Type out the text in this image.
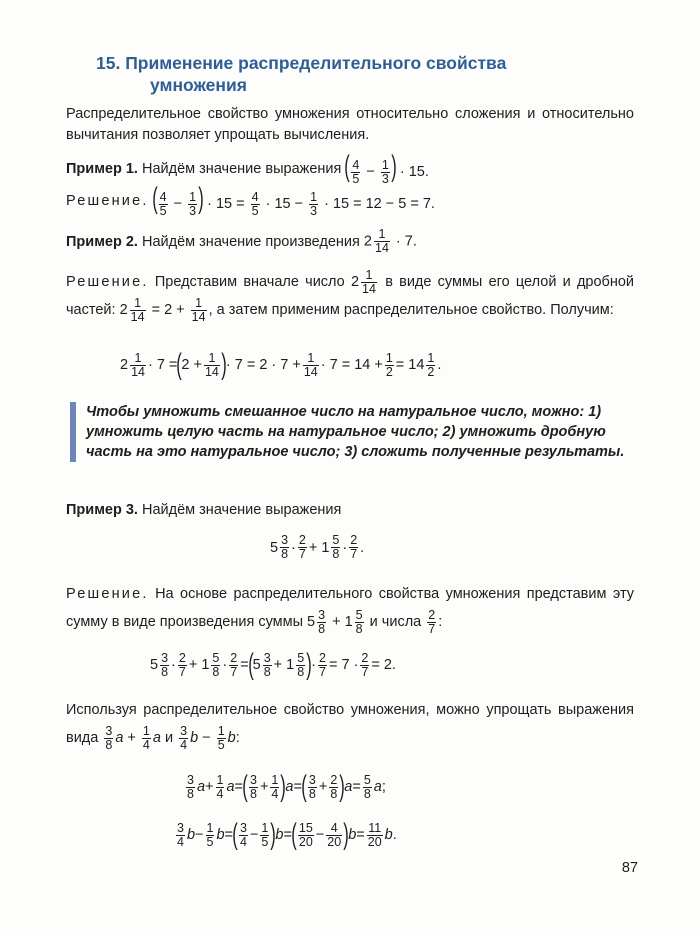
15. Применение распределительного свойства
умножения
Распределительное свойство умножения относительно сложения и относительно вычитания позволяет упрощать вычисления.
Пример 1.
Найдём значение выражения
( $\frac{4}{5} - \frac{1}{3}$ ) · 15.
Решение.
( $\frac{4}{5} - \frac{1}{3}$ ) · $15 = \frac{4}{5} \cdot 15 - \frac{1}{3} \cdot 15 = 12 - 5 = 7$.
Пример 2.
Найдём значение произведения
$2 \frac{1}{14} \cdot 7$.
Решение. Представим вначале число $2 \frac{1}{14}$ в виде суммы его целой и дробной частей: $2 \frac{1}{14} = 2 + \frac{1}{14}$ , а затем применим распределительное свойство. Получим:
2 1
14 · 7 = ( 2 + 1
14 ) · 7 = 2 · 7 + 1
14 · 7 = 14 + 1
2 = 14 1
2 .
Чтобы умножить смешанное число на натуральное число, можно: 1) умножить целую часть на натуральное число; 2) умножить дробную часть на это натуральное число; 3) сложить полученные результаты.
Пример 3.
Найдём значение выражения
5 3
8 · 2
7 + 1 5
8 · 2
7 .
Решение. На основе распределительного свойства умножения представим эту сумму в виде произведения суммы $5 \frac{3}{8} + 1 \frac{5}{8}$ и числа $\frac{2}{7}$ :
5 3
8 · 2
7 + 1 5
8 · 2
7 = ( 5 3
8 + 1 5
8 ) · 2
7 = 7 · 2
7 = 2.
Используя распределительное свойство умножения, можно упрощать выражения вида $\frac{3}{8}$ $a + \frac{1}{4}$ a и $\frac{3}{4}$ $b - \frac{1}{5} b$:
3
8 a + 1
4 a = ( 3
8 + 1
4 ) a = ( 3
8 + 2
8 ) a = 5
8 a ;
3
4 b − 1
5 b = ( 3
4 − 1
5 ) b = ( 15
20 − 4
20 ) b = 11
20 b .
87
